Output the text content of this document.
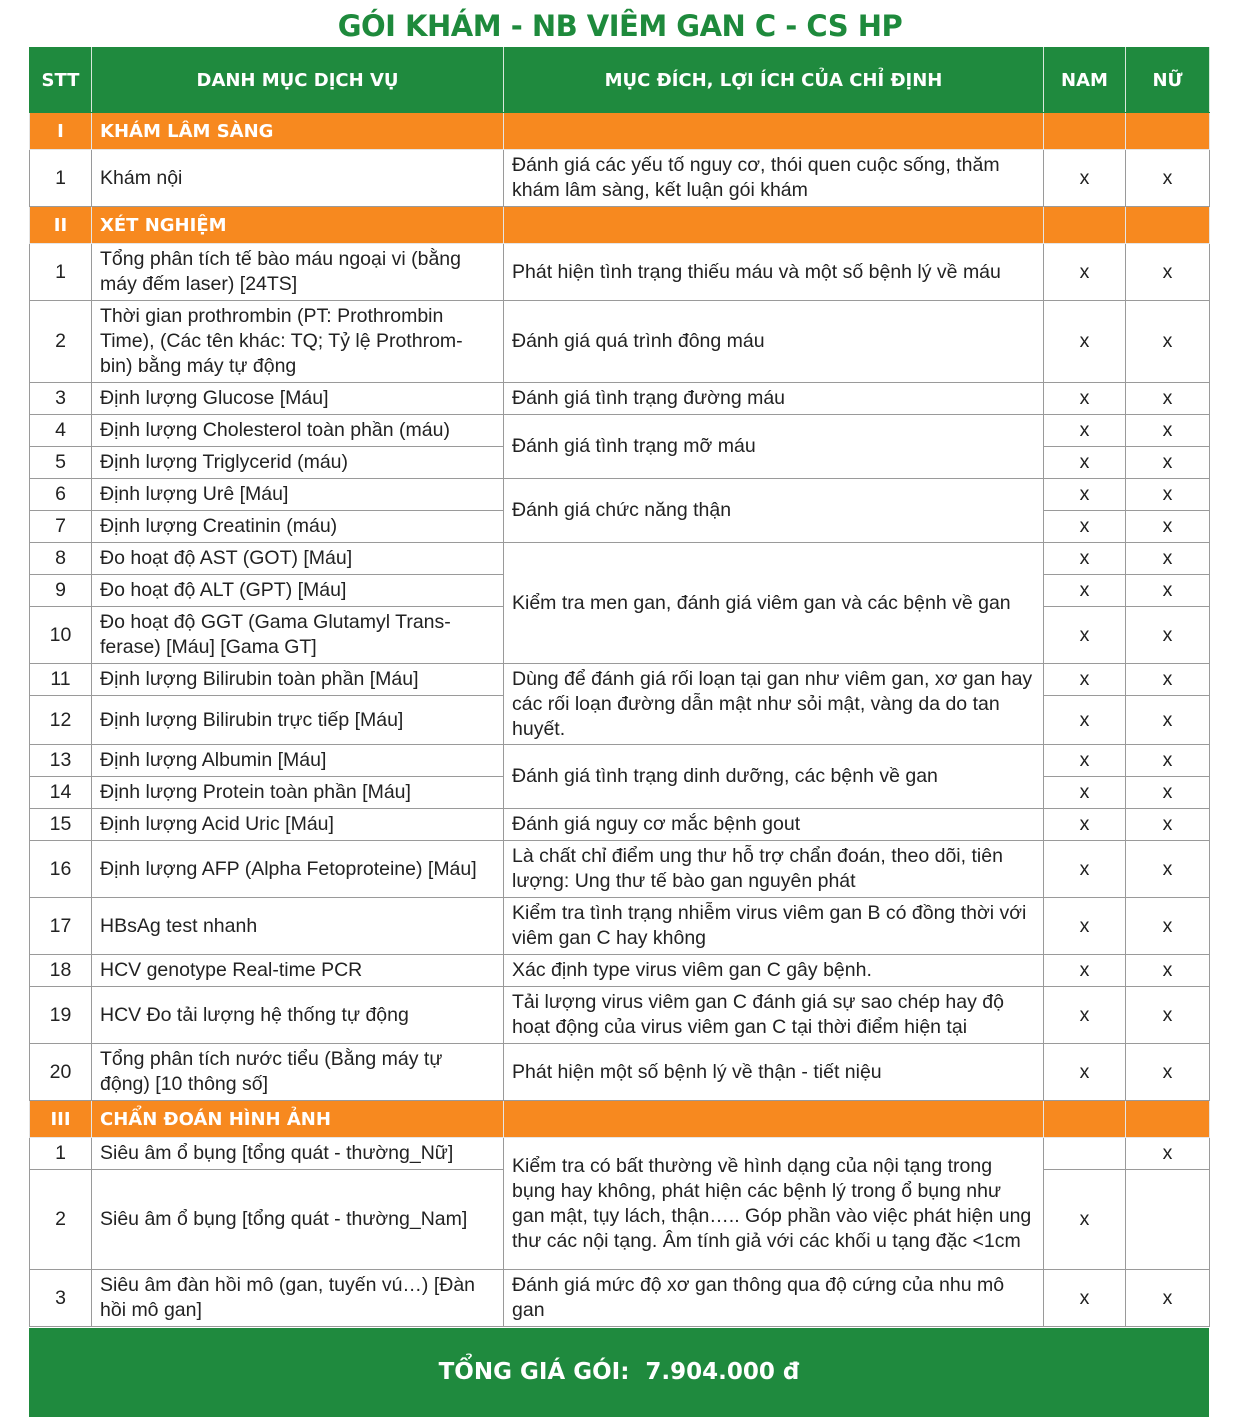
GÓI KHÁM - NB VIÊM GAN C - CS HP
STT	DANH MỤC DỊCH VỤ	MỤC ĐÍCH, LỢI ÍCH CỦA CHỈ ĐỊNH	NAM	NỮ
I	KHÁM LÂM SÀNG			
1	Khám nội	Đánh giá các yếu tố nguy cơ, thói quen cuộc sống, thăm khám lâm sàng, kết luận gói khám	x	x
II	XÉT NGHIỆM			
1	Tổng phân tích tế bào máu ngoại vi (bằng máy đếm laser) [24TS]	Phát hiện tình trạng thiếu máu và một số bệnh lý về máu	x	x
2	Thời gian prothrombin (PT: Prothrombin Time), (Các tên khác: TQ; Tỷ lệ Prothrom-bin) bằng máy tự động	Đánh giá quá trình đông máu	x	x
3	Định lượng Glucose [Máu]	Đánh giá tình trạng đường máu	x	x
4	Định lượng Cholesterol toàn phần (máu)	Đánh giá tình trạng mỡ máu	x	x
5	Định lượng Triglycerid (máu)		x	x
6	Định lượng Urê [Máu]	Đánh giá chức năng thận	x	x
7	Định lượng Creatinin (máu)		x	x
8	Đo hoạt độ AST (GOT) [Máu]	Kiểm tra men gan, đánh giá viêm gan và các bệnh về gan	x	x
9	Đo hoạt độ ALT (GPT) [Máu]		x	x
10	Đo hoạt độ GGT (Gama Glutamyl Trans-ferase) [Máu] [Gama GT]		x	x
11	Định lượng Bilirubin toàn phần [Máu]	Dùng để đánh giá rối loạn tại gan như viêm gan, xơ gan hay các rối loạn đường dẫn mật như sỏi mật, vàng da do tan huyết.	x	x
12	Định lượng Bilirubin trực tiếp [Máu]		x	x
13	Định lượng Albumin [Máu]	Đánh giá tình trạng dinh dưỡng, các bệnh về gan	x	x
14	Định lượng Protein toàn phần [Máu]		x	x
15	Định lượng Acid Uric [Máu]	Đánh giá nguy cơ mắc bệnh gout	x	x
16	Định lượng AFP (Alpha Fetoproteine) [Máu]	Là chất chỉ điểm ung thư hỗ trợ chẩn đoán, theo dõi, tiên lượng: Ung thư tế bào gan nguyên phát	x	x
17	HBsAg test nhanh	Kiểm tra tình trạng nhiễm virus viêm gan B có đồng thời với viêm gan C hay không	x	x
18	HCV genotype Real-time PCR	Xác định type virus viêm gan C gây bệnh.	x	x
19	HCV Đo tải lượng hệ thống tự động	Tải lượng virus viêm gan C đánh giá sự sao chép hay độ hoạt động của virus viêm gan C tại thời điểm hiện tại	x	x
20	Tổng phân tích nước tiểu (Bằng máy tự động) [10 thông số]	Phát hiện một số bệnh lý về thận - tiết niệu	x	x
III	CHẨN ĐOÁN HÌNH ẢNH			
1	Siêu âm ổ bụng [tổng quát - thường_Nữ]	Kiểm tra có bất thường về hình dạng của nội tạng trong bụng hay không, phát hiện các bệnh lý trong ổ bụng như gan mật, tụy lách, thận….. Góp phần vào việc phát hiện ung thư các nội tạng. Âm tính giả với các khối u tạng đặc <1cm		x
2	Siêu âm ổ bụng [tổng quát - thường_Nam]		x	
3	Siêu âm đàn hồi mô (gan, tuyến vú…) [Đàn hồi mô gan]	Đánh giá mức độ xơ gan thông qua độ cứng của nhu mô gan	x	x
TỔNG GIÁ GÓI: 7.904.000 đ
